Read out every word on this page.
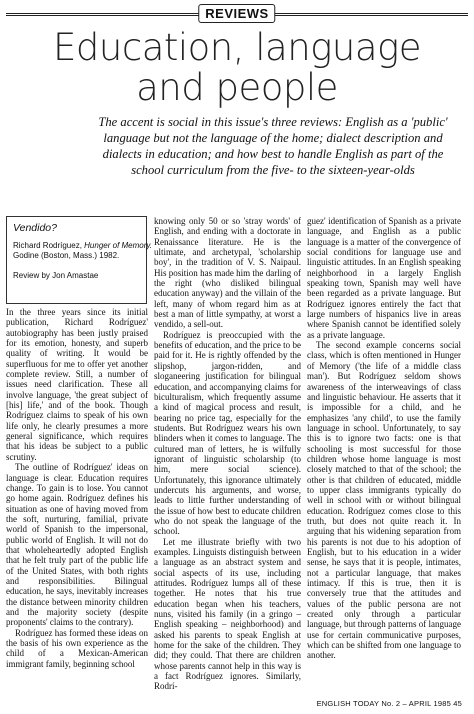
REVIEWS
Education, language
and people
The accent is social in this issue's three reviews: English as a 'public' language but not the language of the home; dialect description and dialects in education; and how best to handle English as part of the school curriculum from the five- to the sixteen-year-olds
Vendido?
Richard Rodríguez, Hunger of Memory.
Godine (Boston, Mass.) 1982.
Review by Jon Amastae

In the three years since its initial publication, Richard Rodríguez' autobiography has been justly praised for its emotion, honesty, and superb quality of writing. It would be superfluous for me to offer yet another complete review. Still, a number of issues need clarification. These all involve language, 'the great subject of [his] life,' and of the book. Though Rodríguez claims to speak of his own life only, he clearly presumes a more general significance, which requires that his ideas be subject to a public scrutiny.

The outline of Rodríguez' ideas on language is clear. Education requires change. To gain is to lose. You cannot go home again. Rodríguez defines his situation as one of having moved from the soft, nurturing, familial, private world of Spanish to the impersonal, public world of English. It will not do that wholeheartedly adopted English that he felt truly part of the public life of the United States, with both rights and responsibilities. Bilingual education, he says, inevitably increases the distance between minority children and the majority society (despite proponents' claims to the contrary).

Rodríguez has formed these ideas on the basis of his own experience as the child of a Mexican-American immigrant family, beginning school

knowing only 50 or so 'stray words' of English, and ending with a doctorate in Renaissance literature. He is the ultimate, and archetypal, 'scholarship boy', in the tradition of V. S. Naipaul. His position has made him the darling of the right (who disliked bilingual education anyway) and the villain of the left, many of whom regard him as at best a man of little sympathy, at worst a vendido, a sell-out.

Rodríguez is preoccupied with the benefits of education, and the price to be paid for it. He is rightly offended by the slipshop, jargon-ridden, and sloganeering justification for bilingual education, and accompanying claims for biculturalism, which frequently assume a kind of magical process and result, bearing no price tag, especially for the students. But Rodríguez wears his own blinders when it comes to language. The cultured man of letters, he is wilfully ignorant of linguistic scholarship (to him, mere social science). Unfortunately, this ignorance ultimately undercuts his arguments, and worse, leads to little further understanding of the issue of how best to educate children who do not speak the language of the school.

Let me illustrate briefly with two examples. Linguists distinguish between a language as an abstract system and social aspects of its use, including attitudes. Rodríguez lumps all of these together. He notes that his true education began when his teachers, nuns, visited his family (in a gringo – English speaking – neighborhood) and asked his parents to speak English at home for the sake of the children. They did; they could. That there are children whose parents cannot help in this way is a fact Rodríguez ignores. Similarly, Rodrí-

guez' identification of Spanish as a private language, and English as a public language is a matter of the convergence of social conditions for language use and linguistic attitudes. In an English speaking neighborhood in a largely English speaking town, Spanish may well have been regarded as a private language. But Rodríguez ignores entirely the fact that large numbers of hispanics live in areas where Spanish cannot be identified solely as a private language.

The second example concerns social class, which is often mentioned in Hunger of Memory ('the life of a middle class man'). But Rodríguez seldom shows awareness of the interweavings of class and linguistic behaviour. He asserts that it is impossible for a child, and he emphasizes 'any child', to use the family language in school. Unfortunately, to say this is to ignore two facts: one is that schooling is most successful for those children whose home language is most closely matched to that of the school; the other is that children of educated, middle to upper class immigrants typically do well in school with or without bilingual education. Rodríguez comes close to this truth, but does not quite reach it. In arguing that his widening separation from his parents is not due to his adoption of English, but to his education in a wider sense, he says that it is people, intimates, not a particular language, that makes intimacy. If this is true, then it is conversely true that the attitudes and values of the public persona are not created only through a particular language, but through patterns of language use for certain communicative purposes, which can be shifted from one language to another.

ENGLISH TODAY No. 2 – APRIL 1985 45
